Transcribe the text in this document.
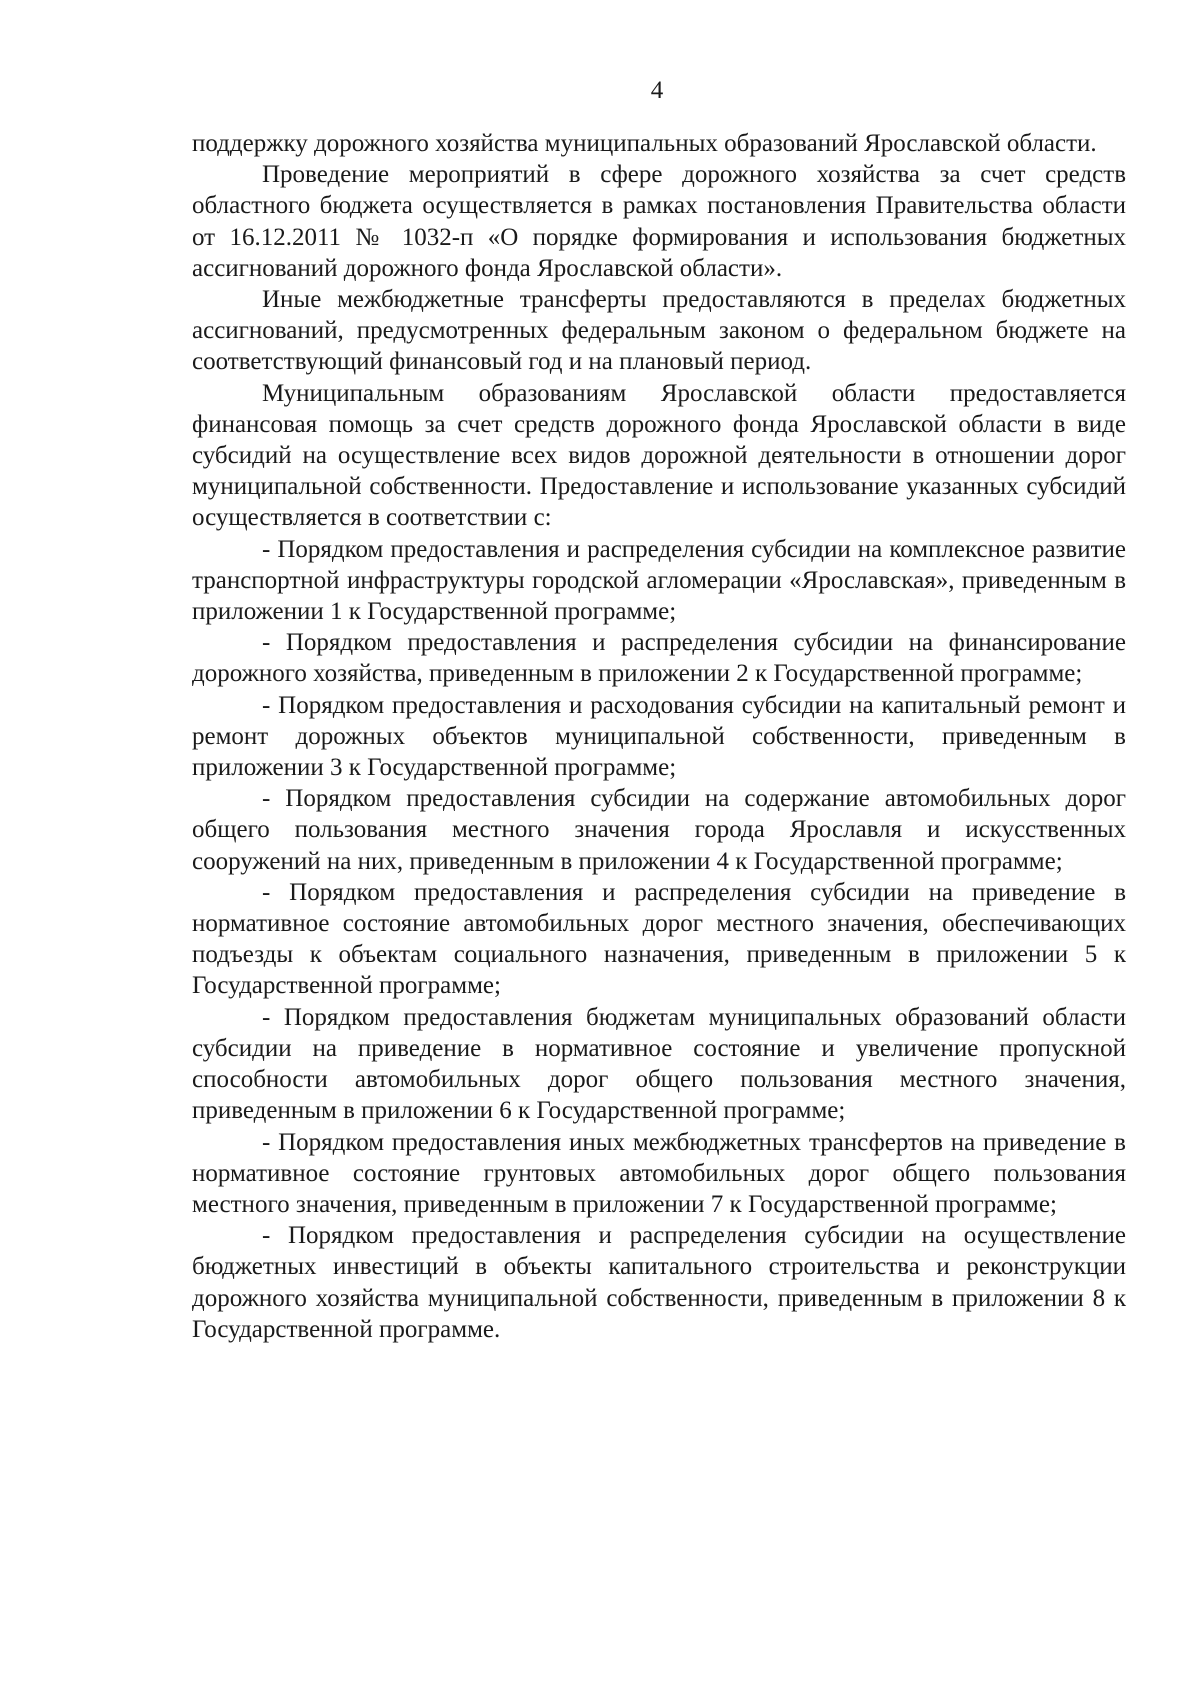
4

поддержку дорожного хозяйства муниципальных образований Ярославской области.

Проведение мероприятий в сфере дорожного хозяйства за счет средств областного бюджета осуществляется в рамках постановления Правительства области от 16.12.2011 № 1032-п «О порядке формирования и использования бюджетных ассигнований дорожного фонда Ярославской области».

Иные межбюджетные трансферты предоставляются в пределах бюджетных ассигнований, предусмотренных федеральным законом о федеральном бюджете на соответствующий финансовый год и на плановый период.

Муниципальным образованиям Ярославской области предоставляется финансовая помощь за счет средств дорожного фонда Ярославской области в виде субсидий на осуществление всех видов дорожной деятельности в отношении дорог муниципальной собственности. Предоставление и использование указанных субсидий осуществляется в соответствии с:

- Порядком предоставления и распределения субсидии на комплексное развитие транспортной инфраструктуры городской агломерации «Ярославская», приведенным в приложении 1 к Государственной программе;

- Порядком предоставления и распределения субсидии на финансирование дорожного хозяйства, приведенным в приложении 2 к Государственной программе;

- Порядком предоставления и расходования субсидии на капитальный ремонт и ремонт дорожных объектов муниципальной собственности, приведенным в приложении 3 к Государственной программе;

- Порядком предоставления субсидии на содержание автомобильных дорог общего пользования местного значения города Ярославля и искусственных сооружений на них, приведенным в приложении 4 к Государственной программе;

- Порядком предоставления и распределения субсидии на приведение в нормативное состояние автомобильных дорог местного значения, обеспечивающих подъезды к объектам социального назначения, приведенным в приложении 5 к Государственной программе;

- Порядком предоставления бюджетам муниципальных образований области субсидии на приведение в нормативное состояние и увеличение пропускной способности автомобильных дорог общего пользования местного значения, приведенным в приложении 6 к Государственной программе;

- Порядком предоставления иных межбюджетных трансфертов на приведение в нормативное состояние грунтовых автомобильных дорог общего пользования местного значения, приведенным в приложении 7 к Государственной программе;

- Порядком предоставления и распределения субсидии на осуществление бюджетных инвестиций в объекты капитального строительства и реконструкции дорожного хозяйства муниципальной собственности, приведенным в приложении 8 к Государственной программе.
